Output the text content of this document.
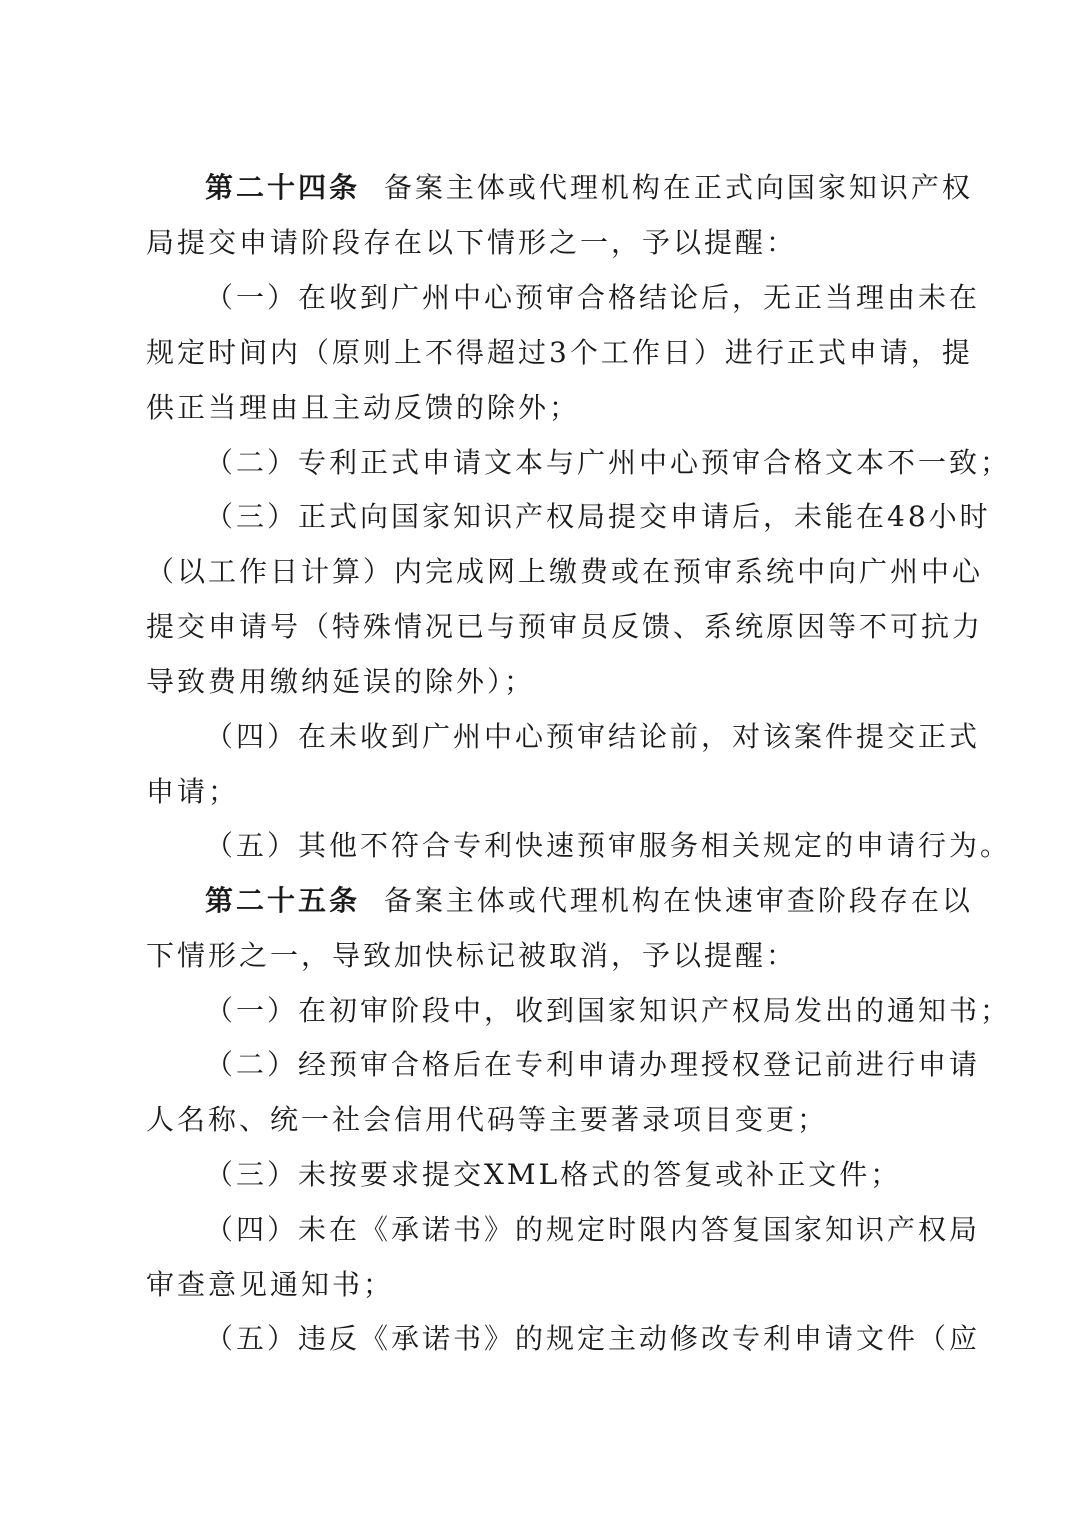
第二十四条 备案主体或代理机构在正式向国家知识产权
局提交申请阶段存在以下情形之一，予以提醒：
（一）在收到广州中心预审合格结论后，无正当理由未在
规定时间内（原则上不得超过3个工作日）进行正式申请，提
供正当理由且主动反馈的除外；
（二）专利正式申请文本与广州中心预审合格文本不一致；
（三）正式向国家知识产权局提交申请后，未能在48小时
（以工作日计算）内完成网上缴费或在预审系统中向广州中心
提交申请号（特殊情况已与预审员反馈、系统原因等不可抗力
导致费用缴纳延误的除外）；
（四）在未收到广州中心预审结论前，对该案件提交正式
申请；
（五）其他不符合专利快速预审服务相关规定的申请行为。
第二十五条 备案主体或代理机构在快速审查阶段存在以
下情形之一，导致加快标记被取消，予以提醒：
（一）在初审阶段中，收到国家知识产权局发出的通知书；
（二）经预审合格后在专利申请办理授权登记前进行申请
人名称、统一社会信用代码等主要著录项目变更；
（三）未按要求提交XML格式的答复或补正文件；
（四）未在《承诺书》的规定时限内答复国家知识产权局
审查意见通知书；
（五）违反《承诺书》的规定主动修改专利申请文件（应
